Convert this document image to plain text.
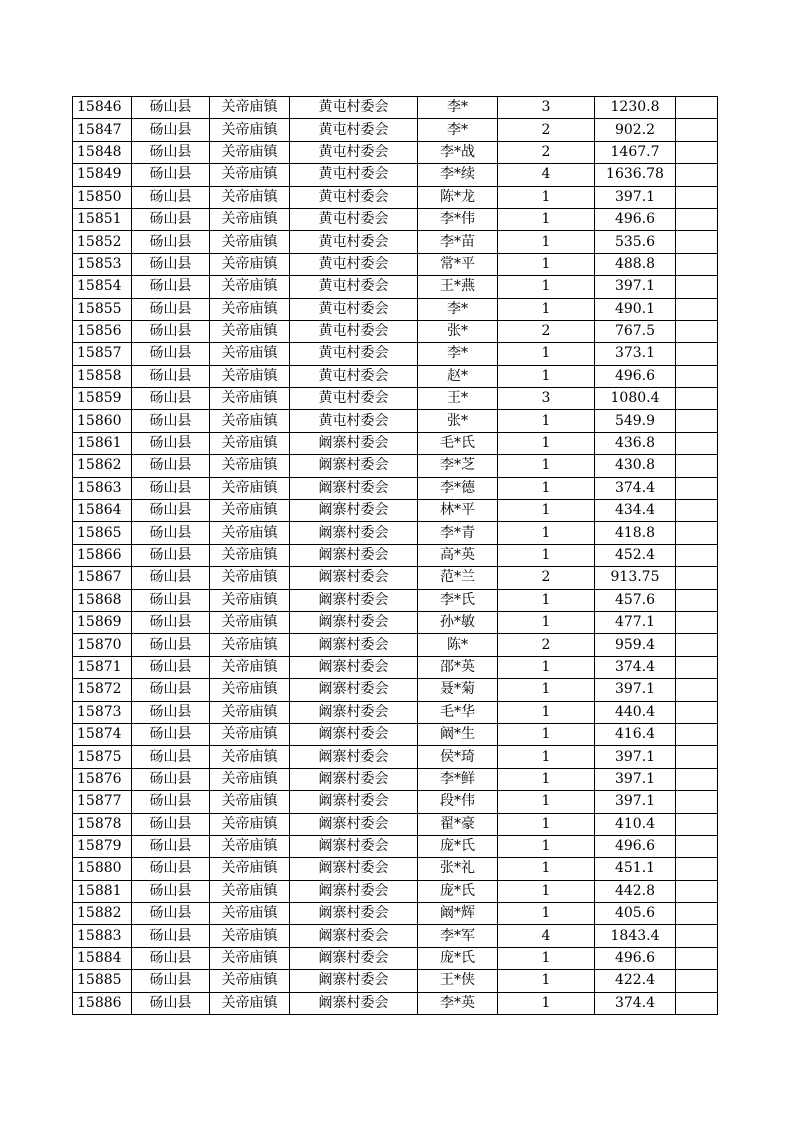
15846	砀山县	关帝庙镇	黄屯村委会	李*	3	1230.8	
15847	砀山县	关帝庙镇	黄屯村委会	李*	2	902.2	
15848	砀山县	关帝庙镇	黄屯村委会	李*战	2	1467.7	
15849	砀山县	关帝庙镇	黄屯村委会	李*续	4	1636.78	
15850	砀山县	关帝庙镇	黄屯村委会	陈*龙	1	397.1	
15851	砀山县	关帝庙镇	黄屯村委会	李*伟	1	496.6	
15852	砀山县	关帝庙镇	黄屯村委会	李*苗	1	535.6	
15853	砀山县	关帝庙镇	黄屯村委会	常*平	1	488.8	
15854	砀山县	关帝庙镇	黄屯村委会	王*燕	1	397.1	
15855	砀山县	关帝庙镇	黄屯村委会	李*	1	490.1	
15856	砀山县	关帝庙镇	黄屯村委会	张*	2	767.5	
15857	砀山县	关帝庙镇	黄屯村委会	李*	1	373.1	
15858	砀山县	关帝庙镇	黄屯村委会	赵*	1	496.6	
15859	砀山县	关帝庙镇	黄屯村委会	王*	3	1080.4	
15860	砀山县	关帝庙镇	黄屯村委会	张*	1	549.9	
15861	砀山县	关帝庙镇	阚寨村委会	毛*氏	1	436.8	
15862	砀山县	关帝庙镇	阚寨村委会	李*芝	1	430.8	
15863	砀山县	关帝庙镇	阚寨村委会	李*德	1	374.4	
15864	砀山县	关帝庙镇	阚寨村委会	林*平	1	434.4	
15865	砀山县	关帝庙镇	阚寨村委会	李*青	1	418.8	
15866	砀山县	关帝庙镇	阚寨村委会	高*英	1	452.4	
15867	砀山县	关帝庙镇	阚寨村委会	范*兰	2	913.75	
15868	砀山县	关帝庙镇	阚寨村委会	李*氏	1	457.6	
15869	砀山县	关帝庙镇	阚寨村委会	孙*敏	1	477.1	
15870	砀山县	关帝庙镇	阚寨村委会	陈*	2	959.4	
15871	砀山县	关帝庙镇	阚寨村委会	邵*英	1	374.4	
15872	砀山县	关帝庙镇	阚寨村委会	聂*菊	1	397.1	
15873	砀山县	关帝庙镇	阚寨村委会	毛*华	1	440.4	
15874	砀山县	关帝庙镇	阚寨村委会	阚*生	1	416.4	
15875	砀山县	关帝庙镇	阚寨村委会	侯*琦	1	397.1	
15876	砀山县	关帝庙镇	阚寨村委会	李*鲜	1	397.1	
15877	砀山县	关帝庙镇	阚寨村委会	段*伟	1	397.1	
15878	砀山县	关帝庙镇	阚寨村委会	翟*豪	1	410.4	
15879	砀山县	关帝庙镇	阚寨村委会	庞*氏	1	496.6	
15880	砀山县	关帝庙镇	阚寨村委会	张*礼	1	451.1	
15881	砀山县	关帝庙镇	阚寨村委会	庞*氏	1	442.8	
15882	砀山县	关帝庙镇	阚寨村委会	阚*辉	1	405.6	
15883	砀山县	关帝庙镇	阚寨村委会	李*军	4	1843.4	
15884	砀山县	关帝庙镇	阚寨村委会	庞*氏	1	496.6	
15885	砀山县	关帝庙镇	阚寨村委会	王*侠	1	422.4	
15886	砀山县	关帝庙镇	阚寨村委会	李*英	1	374.4	
